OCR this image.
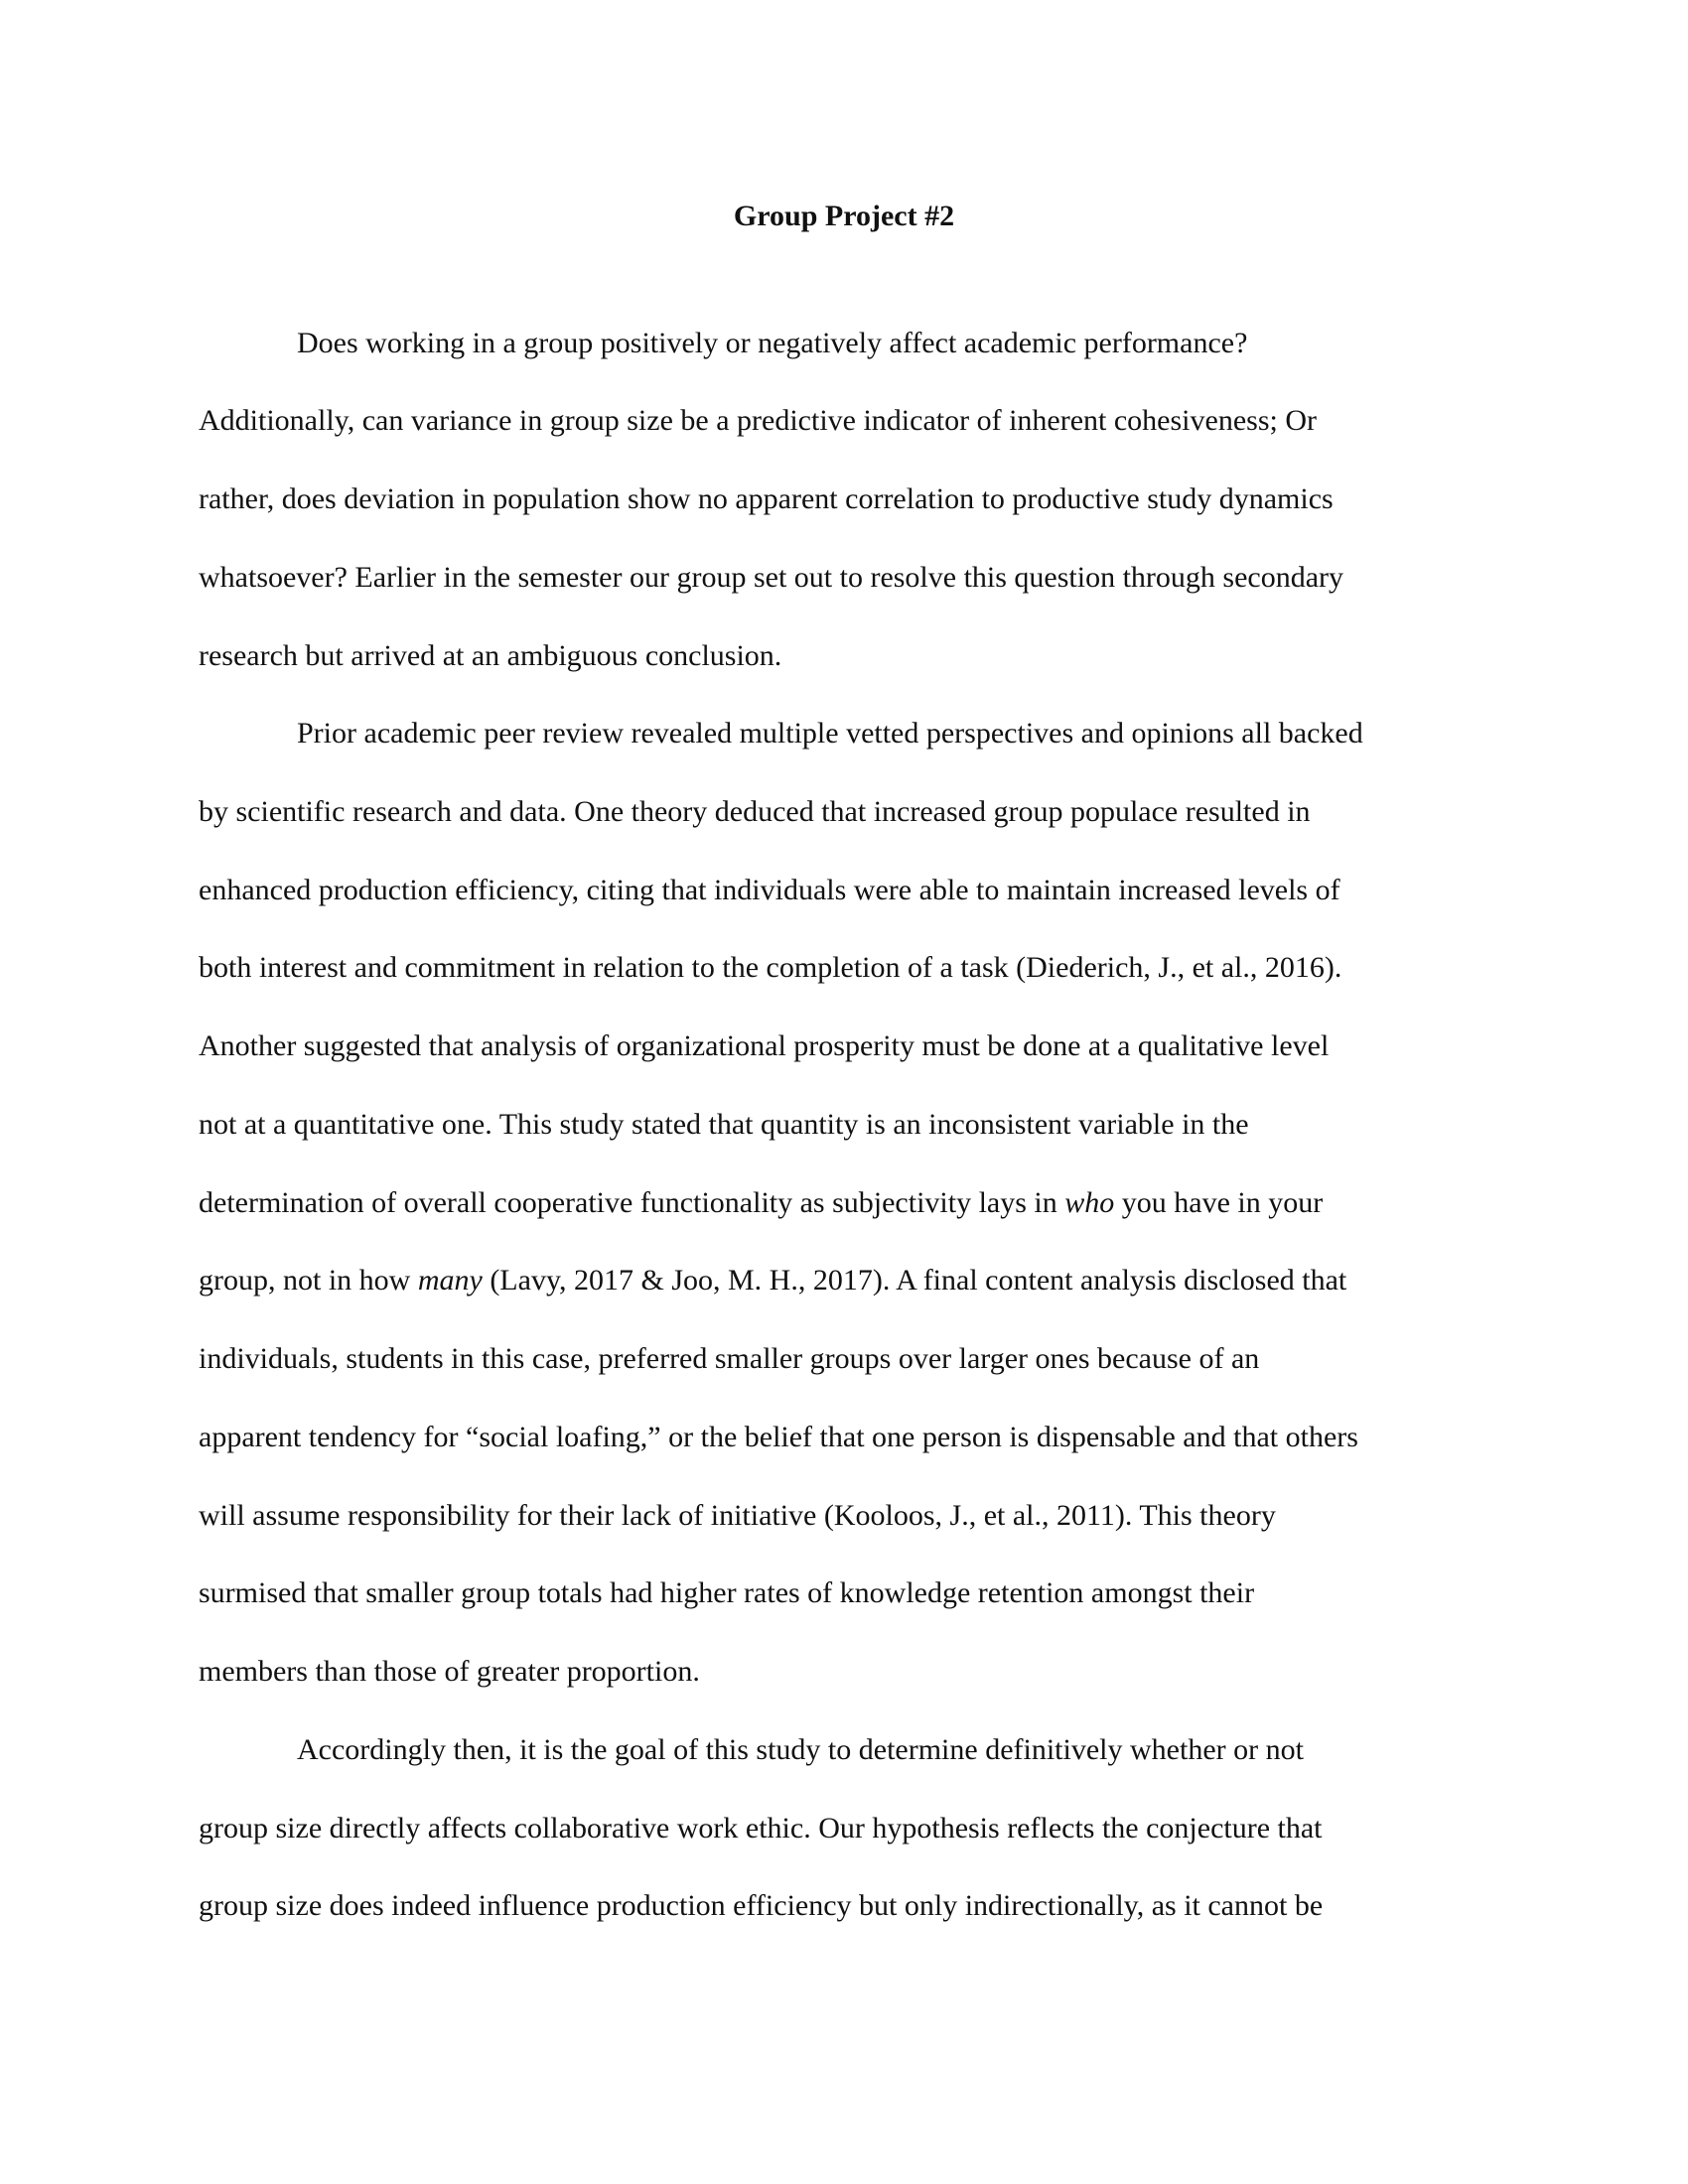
Group Project #2
Does working in a group positively or negatively affect academic performance?
Additionally, can variance in group size be a predictive indicator of inherent cohesiveness; Or
rather, does deviation in population show no apparent correlation to productive study dynamics
whatsoever? Earlier in the semester our group set out to resolve this question through secondary
research but arrived at an ambiguous conclusion.
Prior academic peer review revealed multiple vetted perspectives and opinions all backed
by scientific research and data. One theory deduced that increased group populace resulted in
enhanced production efficiency, citing that individuals were able to maintain increased levels of
both interest and commitment in relation to the completion of a task (Diederich, J., et al., 2016).
Another suggested that analysis of organizational prosperity must be done at a qualitative level
not at a quantitative one. This study stated that quantity is an inconsistent variable in the
determination of overall cooperative functionality as subjectivity lays in who you have in your
group, not in how many (Lavy, 2017 & Joo, M. H., 2017). A final content analysis disclosed that
individuals, students in this case, preferred smaller groups over larger ones because of an
apparent tendency for “social loafing,” or the belief that one person is dispensable and that others
will assume responsibility for their lack of initiative (Kooloos, J., et al., 2011). This theory
surmised that smaller group totals had higher rates of knowledge retention amongst their
members than those of greater proportion.
Accordingly then, it is the goal of this study to determine definitively whether or not
group size directly affects collaborative work ethic. Our hypothesis reflects the conjecture that
group size does indeed influence production efficiency but only indirectionally, as it cannot be
